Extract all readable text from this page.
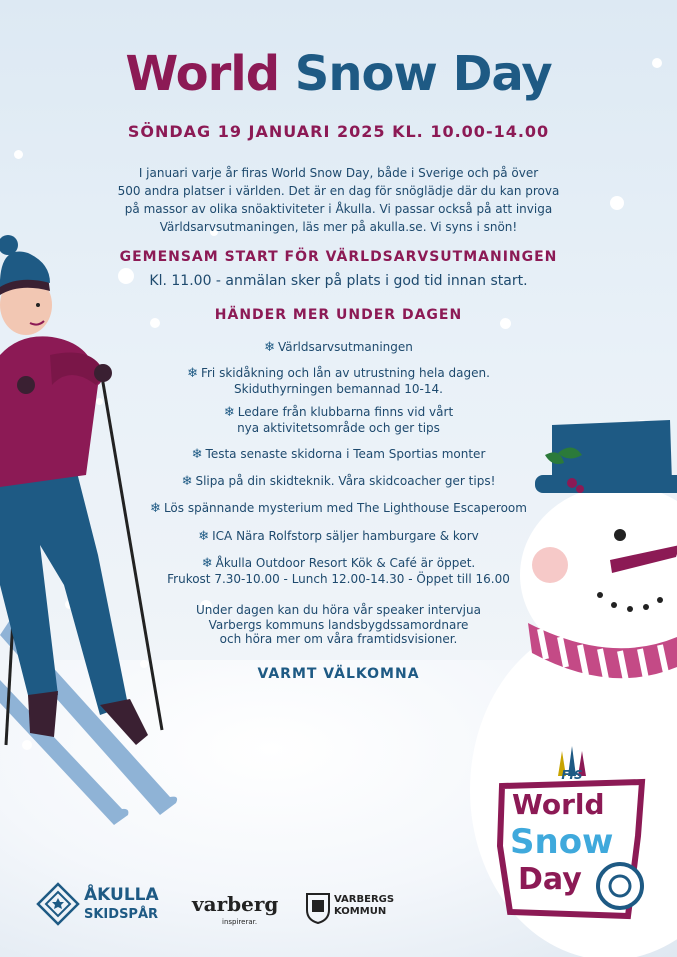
World Snow Day
SÖNDAG 19 JANUARI 2025 KL. 10.00-14.00
I januari varje år firas World Snow Day, både i Sverige och på över
500 andra platser i världen. Det är en dag för snöglädje där du kan prova
på massor av olika snöaktiviteter i Åkulla. Vi passar också på att inviga
Världsarvsutmaningen, läs mer på akulla.se. Vi syns i snön!
GEMENSAM START FÖR VÄRLDSARVSUTMANINGEN
Kl. 11.00 - anmälan sker på plats i god tid innan start.
HÄNDER MER UNDER DAGEN
❄ Världsarvsutmaningen
❄ Fri skidåkning och lån av utrustning hela dagen.
Skiduthyrningen bemannad 10-14.
❄ Ledare från klubbarna finns vid vårt
nya aktivitetsområde och ger tips
❄ Testa senaste skidorna i Team Sportias monter
❄ Slipa på din skidteknik. Våra skidcoacher ger tips!
❄ Lös spännande mysterium med The Lighthouse Escaperoom
❄ ICA Nära Rolfstorp säljer hamburgare & korv
❄ Åkulla Outdoor Resort Kök & Café är öppet.
Frukost 7.30-10.00 - Lunch 12.00-14.30 - Öppet till 16.00
Under dagen kan du höra vår speaker intervjua
Varbergs kommuns landsbygdssamordnare
och höra mer om våra framtidsvisioner.
VARMT VÄLKOMNA
FIS
World
Snow
Day
ÅKULLA
SKIDSPÅR varberg
inspirerar.
VARBERGS
KOMMUN
